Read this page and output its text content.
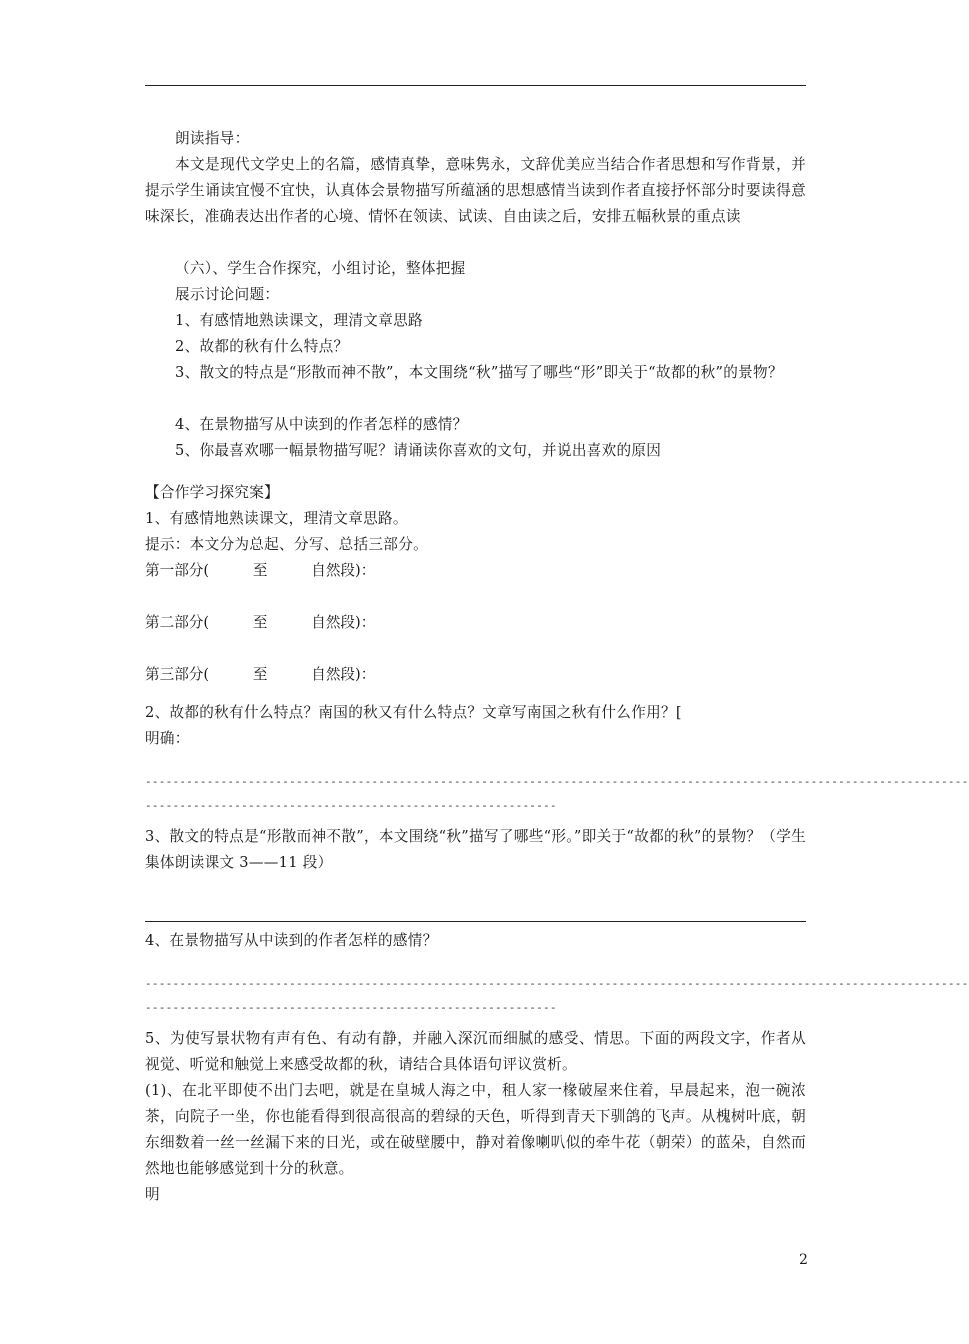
朗读指导：
本文是现代文学史上的名篇，感情真挚，意味隽永，文辞优美应当结合作者思想和写作背景，并提示学生诵读宜慢不宜快，认真体会景物描写所蕴涵的思想感情当读到作者直接抒怀部分时要读得意味深长，准确表达出作者的心境、情怀在领读、试读、自由读之后，安排五幅秋景的重点读
（六）、学生合作探究，小组讨论，整体把握
展示讨论问题：
1、有感情地熟读课文，理清文章思路
2、故都的秋有什么特点？
3、散文的特点是“形散而神不散”，本文围绕“秋”描写了哪些“形”即关于“故都的秋”的景物？
4、在景物描写从中读到的作者怎样的感情？
5、你最喜欢哪一幅景物描写呢？请诵读你喜欢的文句，并说出喜欢的原因
【合作学习探究案】
1、有感情地熟读课文，理清文章思路。
提示：本文分为总起、分写、总括三部分。
第一部分(　　　至　　　自然段)：
第二部分(　　　至　　　自然段)：
第三部分(　　　至　　　自然段)：
2、故都的秋有什么特点？南国的秋又有什么特点？文章写南国之秋有什么作用？[
明确：
------------------------------------------------------------------------------------------------------------------------
------------------------------------------------------------
3、散文的特点是“形散而神不散”，本文围绕“秋”描写了哪些“形。”即关于“故都的秋”的景物？（学生集体朗读课文 3——11 段）
4、在景物描写从中读到的作者怎样的感情？
------------------------------------------------------------------------------------------------------------------------
------------------------------------------------------------
5、为使写景状物有声有色、有动有静，并融入深沉而细腻的感受、情思。下面的两段文字，作者从视觉、听觉和触觉上来感受故都的秋，请结合具体语句评议赏析。
(1)、在北平即使不出门去吧，就是在皇城人海之中，租人家一椽破屋来住着，早晨起来，泡一碗浓茶，向院子一坐，你也能看得到很高很高的碧绿的天色，听得到青天下驯鸽的飞声。从槐树叶底，朝东细数着一丝一丝漏下来的日光，或在破壁腰中，静对着像喇叭似的牵牛花（朝荣）的蓝朵，自然而然地也能够感觉到十分的秋意。
明
2
